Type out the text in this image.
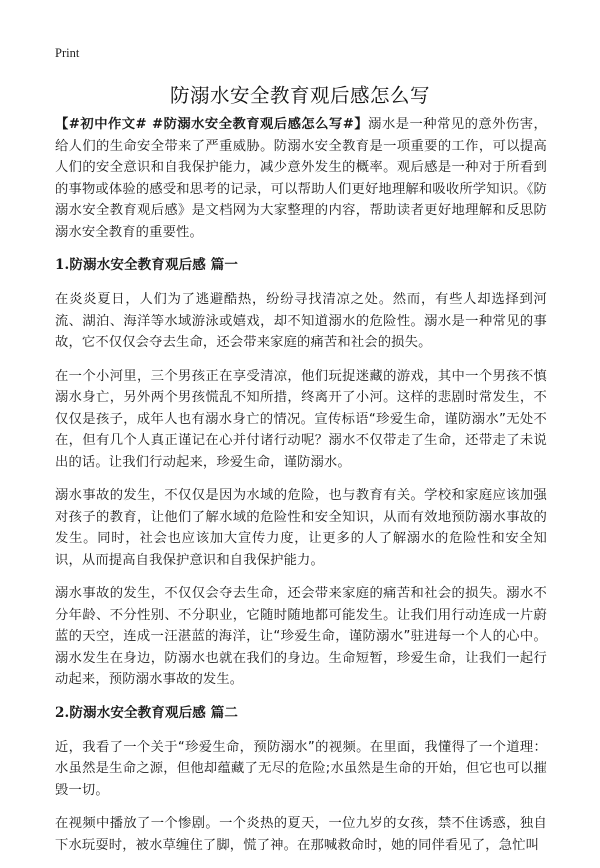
Print
防溺水安全教育观后感怎么写

【#初中作文# #防溺水安全教育观后感怎么写#】溺水是一种常见的意外伤害，给人们的生命安全带来了严重威胁。防溺水安全教育是一项重要的工作，可以提高人们的安全意识和自我保护能力，减少意外发生的概率。观后感是一种对于所看到的事物或体验的感受和思考的记录，可以帮助人们更好地理解和吸收所学知识。《防溺水安全教育观后感》是文档网为大家整理的内容，帮助读者更好地理解和反思防溺水安全教育的重要性。

1.防溺水安全教育观后感 篇一

在炎炎夏日，人们为了逃避酷热，纷纷寻找清凉之处。然而，有些人却选择到河流、湖泊、海洋等水域游泳或嬉戏，却不知道溺水的危险性。溺水是一种常见的事故，它不仅仅会夺去生命，还会带来家庭的痛苦和社会的损失。

在一个小河里，三个男孩正在享受清凉，他们玩捉迷藏的游戏，其中一个男孩不慎溺水身亡，另外两个男孩慌乱不知所措，终离开了小河。这样的悲剧时常发生，不仅仅是孩子，成年人也有溺水身亡的情况。宣传标语“珍爱生命，谨防溺水”无处不在，但有几个人真正谨记在心并付诸行动呢？溺水不仅带走了生命，还带走了未说出的话。让我们行动起来，珍爱生命，谨防溺水。

溺水事故的发生，不仅仅是因为水域的危险，也与教育有关。学校和家庭应该加强对孩子的教育，让他们了解水域的危险性和安全知识，从而有效地预防溺水事故的发生。同时，社会也应该加大宣传力度，让更多的人了解溺水的危险性和安全知识，从而提高自我保护意识和自我保护能力。

溺水事故的发生，不仅仅会夺去生命，还会带来家庭的痛苦和社会的损失。溺水不分年龄、不分性别、不分职业，它随时随地都可能发生。让我们用行动连成一片蔚蓝的天空，连成一汪湛蓝的海洋，让“珍爱生命，谨防溺水”驻进每一个人的心中。溺水发生在身边，防溺水也就在我们的身边。生命短暂，珍爱生命，让我们一起行动起来，预防溺水事故的发生。

2.防溺水安全教育观后感 篇二

近，我看了一个关于“珍爱生命，预防溺水”的视频。在里面，我懂得了一个道理：水虽然是生命之源，但他却蕴藏了无尽的危险;水虽然是生命的开始，但它也可以摧毁一切。

在视频中播放了一个惨剧。一个炎热的夏天，一位九岁的女孩，禁不住诱惑，独自下水玩耍时，被水草缠住了脚，慌了神。在那喊救命时，她的同伴看见了，急忙叫
